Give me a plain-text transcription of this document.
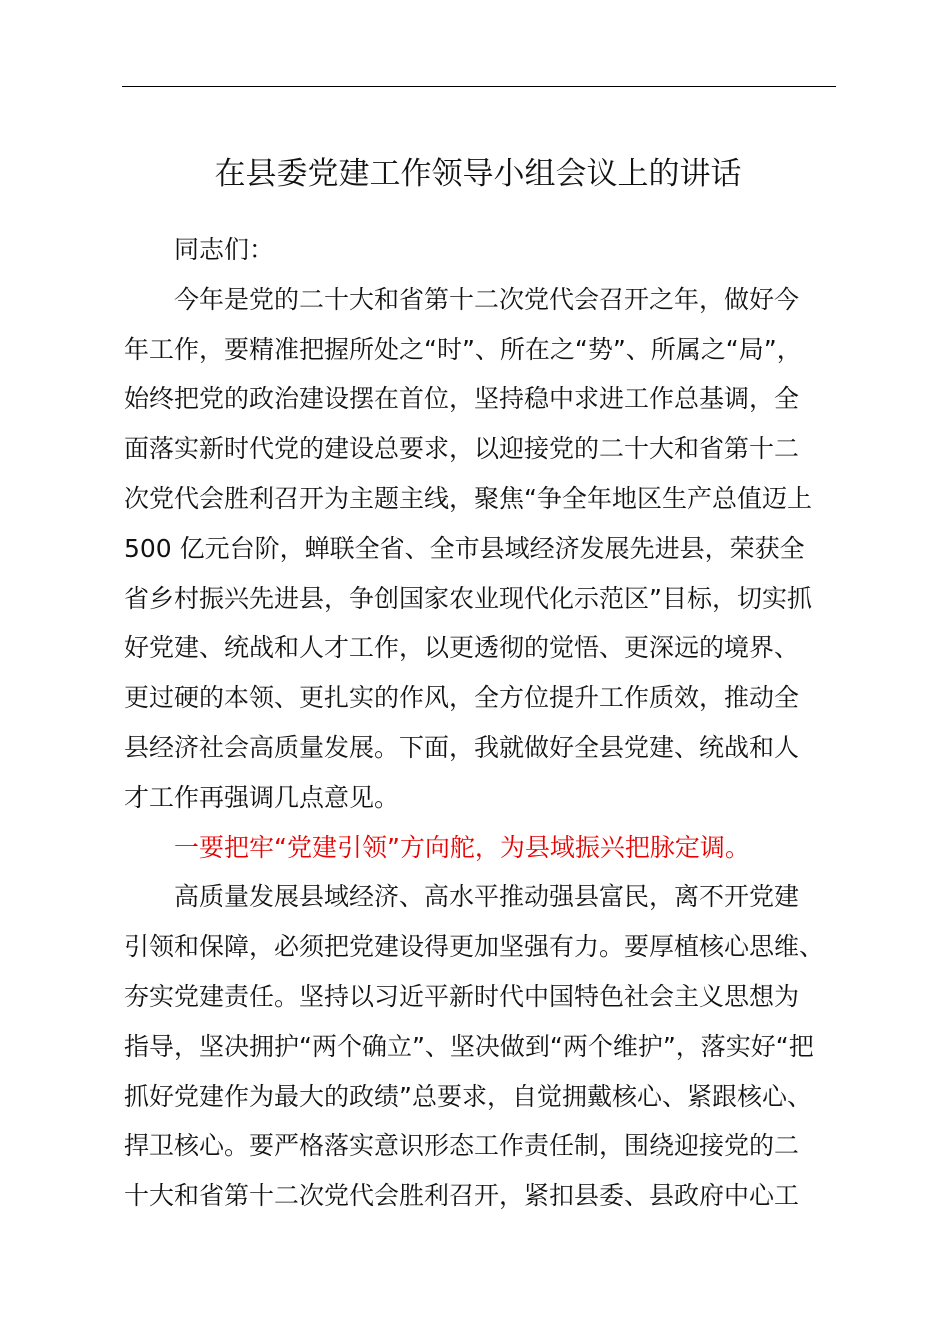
在县委党建工作领导小组会议上的讲话
同志们：
今年是党的二十大和省第十二次党代会召开之年，做好今
年工作，要精准把握所处之“时”、所在之“势”、所属之“局”，
始终把党的政治建设摆在首位，坚持稳中求进工作总基调，全
面落实新时代党的建设总要求，以迎接党的二十大和省第十二
次党代会胜利召开为主题主线，聚焦“争全年地区生产总值迈上
500 亿元台阶，蝉联全省、全市县域经济发展先进县，荣获全
省乡村振兴先进县，争创国家农业现代化示范区”目标，切实抓
好党建、统战和人才工作，以更透彻的觉悟、更深远的境界、
更过硬的本领、更扎实的作风，全方位提升工作质效，推动全
县经济社会高质量发展。下面，我就做好全县党建、统战和人
才工作再强调几点意见。
一要把牢“党建引领”方向舵，为县域振兴把脉定调。
高质量发展县域经济、高水平推动强县富民，离不开党建
引领和保障，必须把党建设得更加坚强有力。要厚植核心思维、
夯实党建责任。坚持以习近平新时代中国特色社会主义思想为
指导，坚决拥护“两个确立”、坚决做到“两个维护”，落实好“把
抓好党建作为最大的政绩”总要求，自觉拥戴核心、紧跟核心、
捍卫核心。要严格落实意识形态工作责任制，围绕迎接党的二
十大和省第十二次党代会胜利召开，紧扣县委、县政府中心工
